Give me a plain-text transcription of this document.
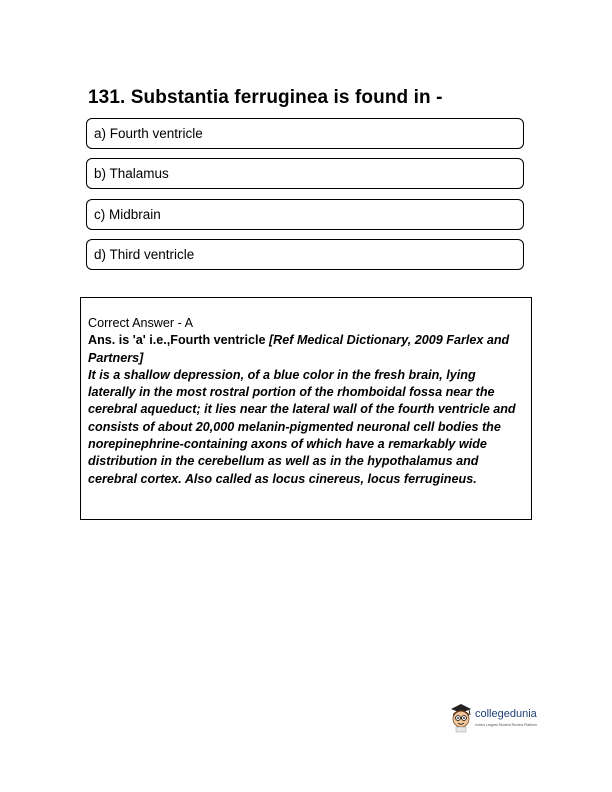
131. Substantia ferruginea is found in -
a) Fourth ventricle
b) Thalamus
c) Midbrain
d) Third ventricle

Correct Answer - A

Ans. is 'a' i.e.,Fourth ventricle [Ref Medical Dictionary, 2009 Farlex and Partners]

It is a shallow depression, of a blue color in the fresh brain, lying laterally in the most rostral portion of the rhomboidal fossa near the cerebral aqueduct; it lies near the lateral wall of the fourth ventricle and consists of about 20,000 melanin-pigmented neuronal cell bodies the norepinephrine-containing axons of which have a remarkably wide distribution in the cerebellum as well as in the hypothalamus and cerebral cortex. Also called as locus cinereus, locus ferrugineus.

collegedunia
India's Largest Student Review Platform
